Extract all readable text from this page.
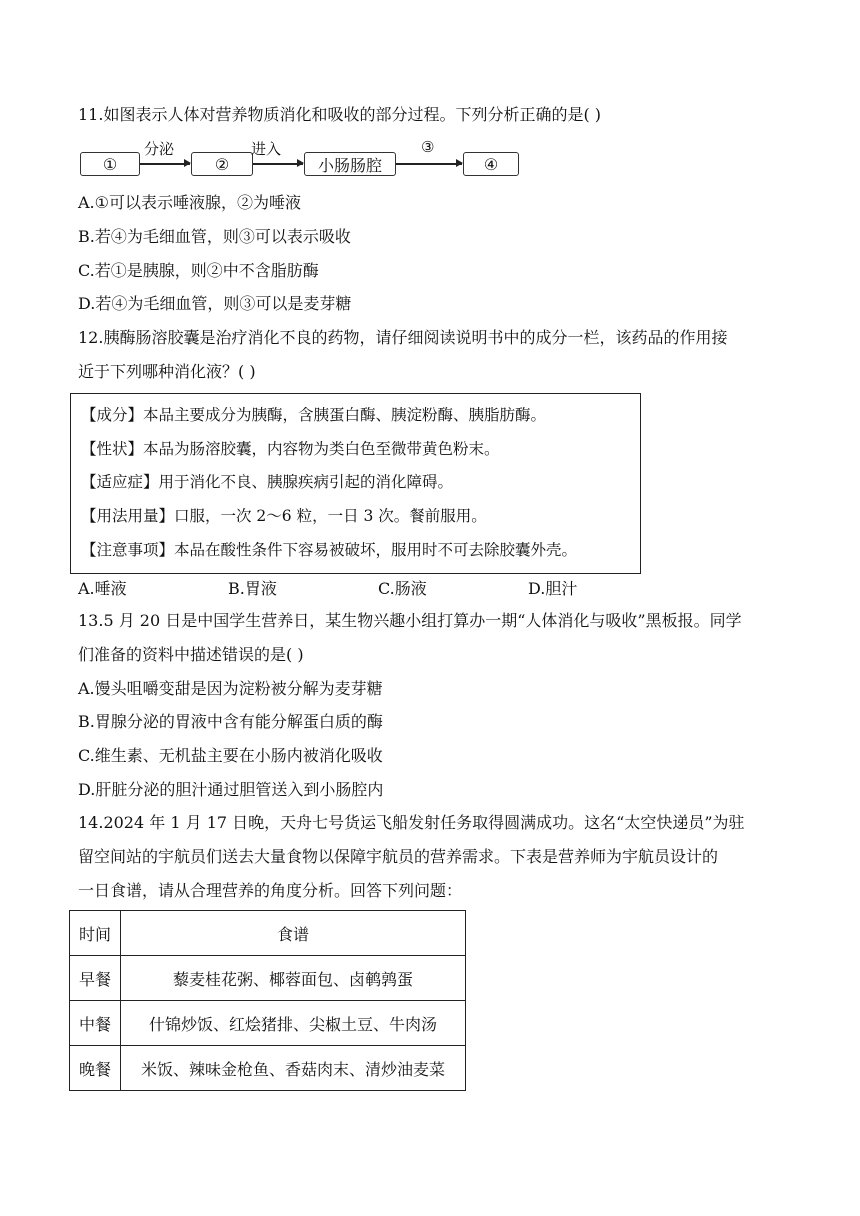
11.如图表示人体对营养物质消化和吸收的部分过程。下列分析正确的是( )
①
分泌
②
进入
小肠肠腔
③
④
A.①可以表示唾液腺，②为唾液
B.若④为毛细血管，则③可以表示吸收
C.若①是胰腺，则②中不含脂肪酶
D.若④为毛细血管，则③可以是麦芽糖
12.胰酶肠溶胶囊是治疗消化不良的药物，请仔细阅读说明书中的成分一栏，该药品的作用接
近于下列哪种消化液？( )
【成分】本品主要成分为胰酶，含胰蛋白酶、胰淀粉酶、胰脂肪酶。
【性状】本品为肠溶胶囊，内容物为类白色至微带黄色粉末。
【适应症】用于消化不良、胰腺疾病引起的消化障碍。
【用法用量】口服，一次 2～6 粒，一日 3 次。餐前服用。
【注意事项】本品在酸性条件下容易被破坏，服用时不可去除胶囊外壳。
A.唾液	B.胃液	C.肠液	D.胆汁
13.5 月 20 日是中国学生营养日，某生物兴趣小组打算办一期“人体消化与吸收”黑板报。同学
们准备的资料中描述错误的是( )
A.馒头咀嚼变甜是因为淀粉被分解为麦芽糖
B.胃腺分泌的胃液中含有能分解蛋白质的酶
C.维生素、无机盐主要在小肠内被消化吸收
D.肝脏分泌的胆汁通过胆管送入到小肠腔内
14.2024 年 1 月 17 日晚，天舟七号货运飞船发射任务取得圆满成功。这名“太空快递员”为驻
留空间站的宇航员们送去大量食物以保障宇航员的营养需求。下表是营养师为宇航员设计的
一日食谱，请从合理营养的角度分析。回答下列问题：
时间	食谱
早餐	藜麦桂花粥、椰蓉面包、卤鹌鹑蛋
中餐	什锦炒饭、红烩猪排、尖椒土豆、牛肉汤
晚餐	米饭、辣味金枪鱼、香菇肉末、清炒油麦菜
